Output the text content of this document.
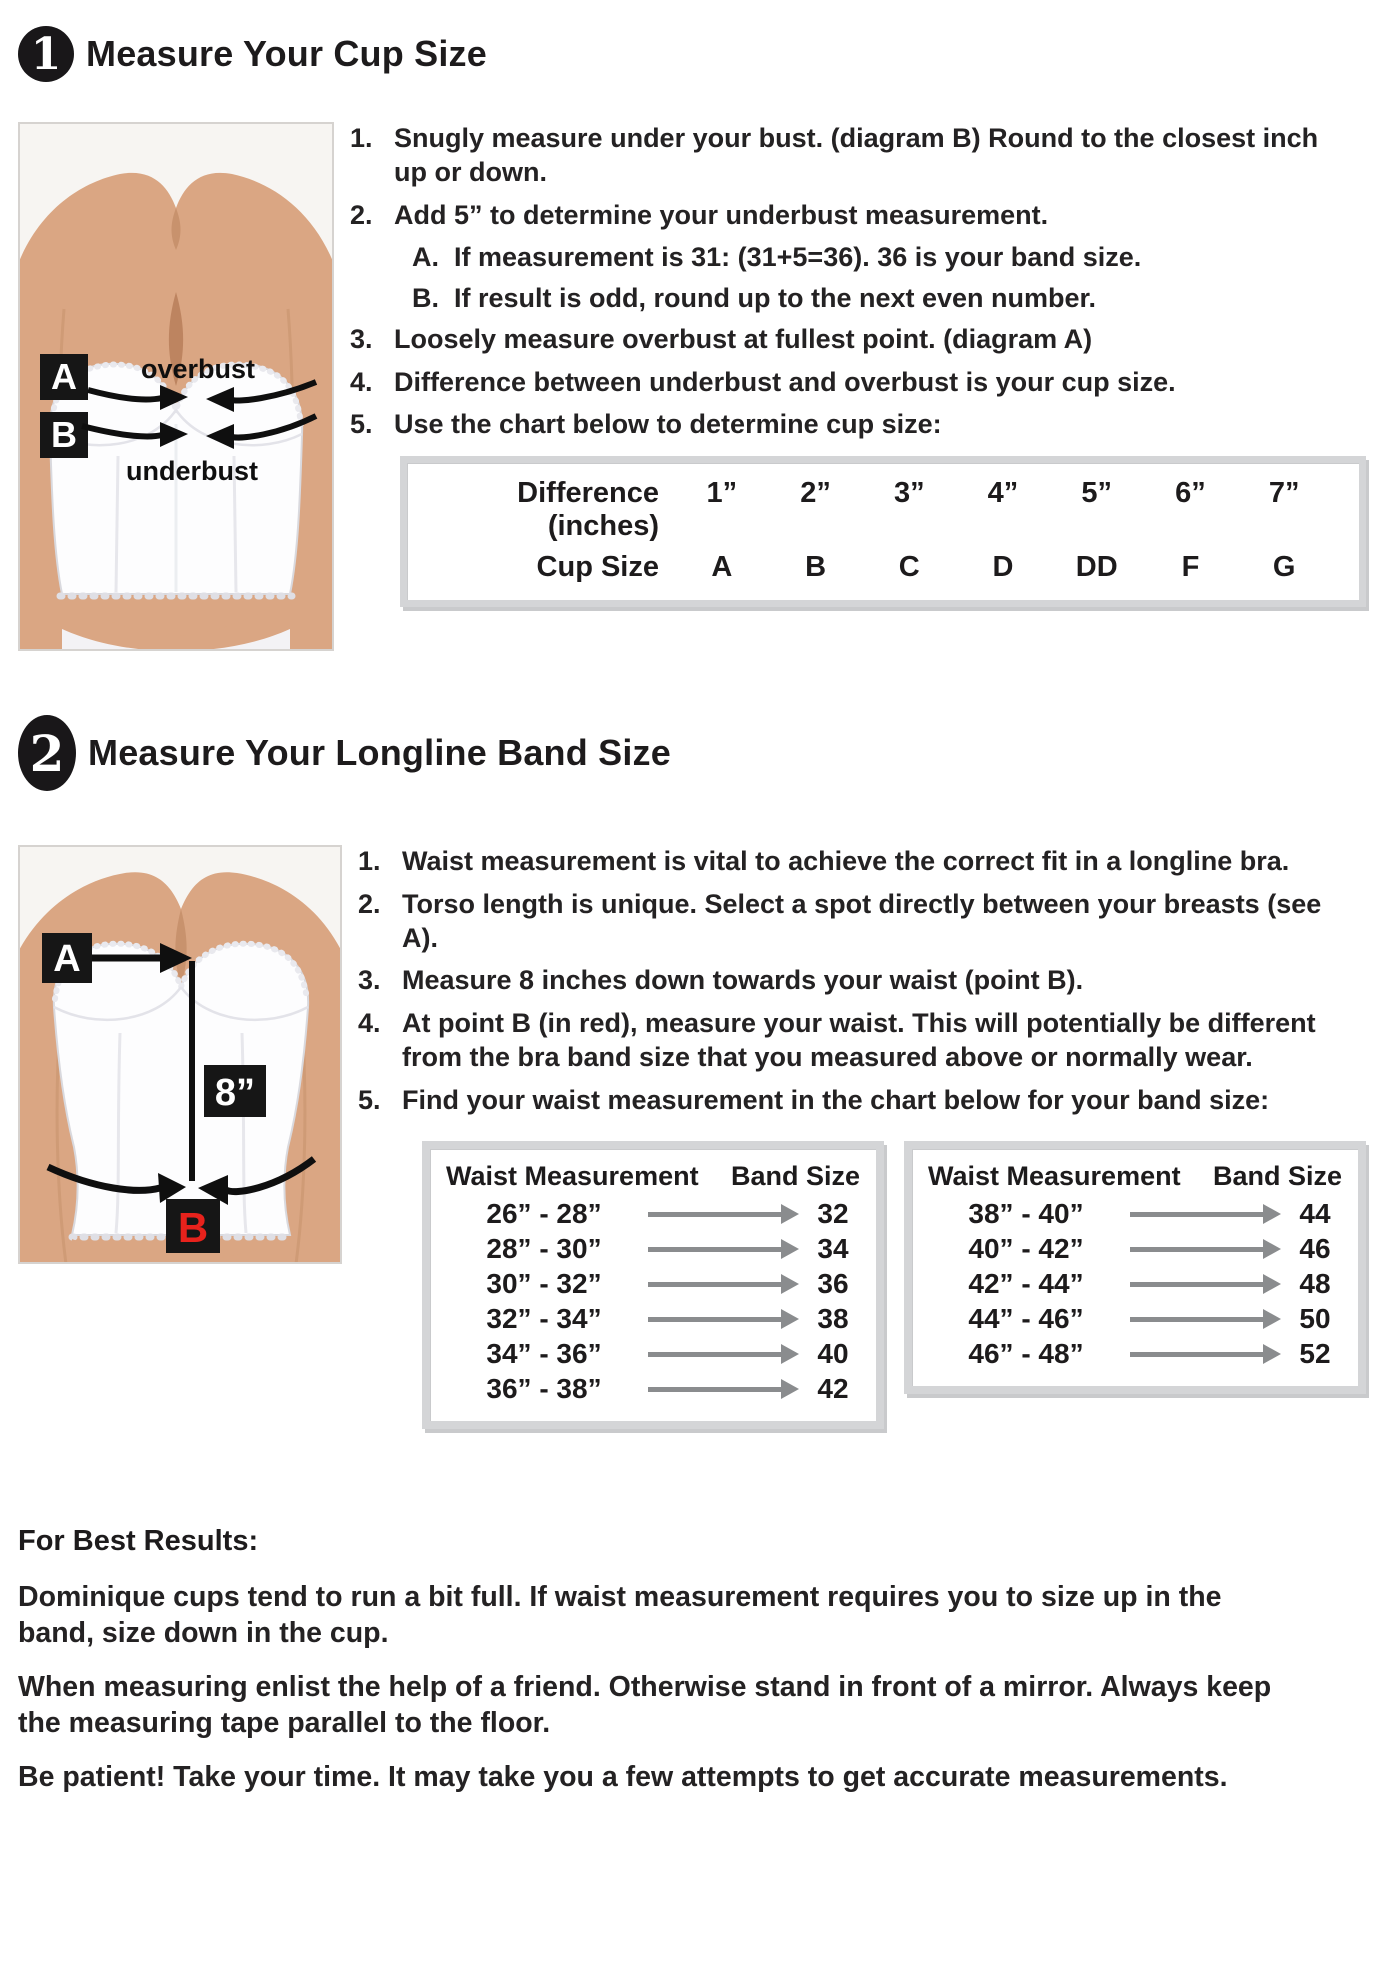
1 Measure Your Cup Size
A overbust
B
underbust
1. Snugly measure under your bust. (diagram B) Round to the closest inch up or down.
2. Add 5” to determine your underbust measurement.
A. If measurement is 31: (31+5=36). 36 is your band size.
B. If result is odd, round up to the next even number.
3. Loosely measure overbust at fullest point. (diagram A)
4. Difference between underbust and overbust is your cup size.
5. Use the chart below to determine cup size:
Difference (inches)
1”	2”	3”	4”	5”	6”	7”
Cup Size	A	B	C	D	DD	F	G
2 Measure Your Longline Band Size
A
8”
B
1. Waist measurement is vital to achieve the correct fit in a longline bra.
2. Torso length is unique. Select a spot directly between your breasts (see A).
3. Measure 8 inches down towards your waist (point B).
4. At point B (in red), measure your waist. This will potentially be different from the bra band size that you measured above or normally wear.
5. Find your waist measurement in the chart below for your band size:
Waist Measurement Band Size
26” - 28”	32
28” - 30”	34
30” - 32”	36
32” - 34”	38
34” - 36”	40
36” - 38”	42
Waist Measurement Band Size
38” - 40”	44
40” - 42”	46
42” - 44”	48
44” - 46”	50
46” - 48”	52
For Best Results:

Dominique cups tend to run a bit full. If waist measurement requires you to size up in the band, size down in the cup.

When measuring enlist the help of a friend. Otherwise stand in front of a mirror. Always keep the measuring tape parallel to the floor.

Be patient! Take your time. It may take you a few attempts to get accurate measurements.
